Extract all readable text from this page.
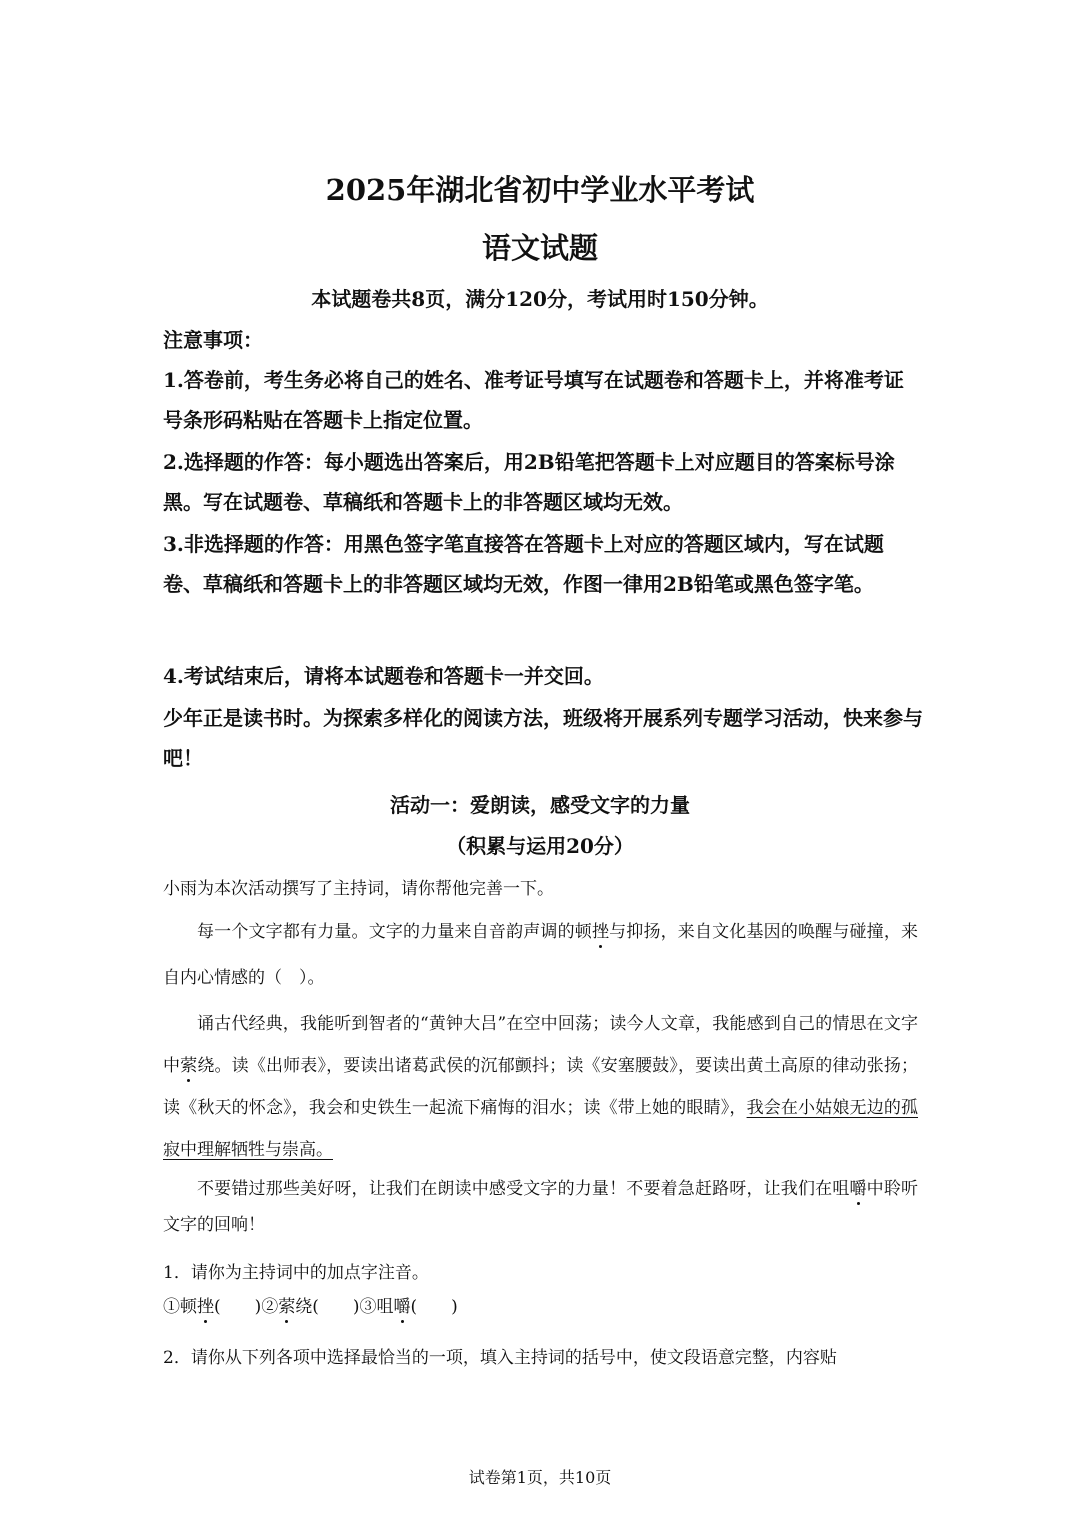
2025年湖北省初中学业水平考试
语文试题
本试题卷共8页，满分120分，考试用时150分钟。
注意事项：
1.答卷前，考生务必将自己的姓名、准考证号填写在试题卷和答题卡上，并将准考证号条形码粘贴在答题卡上指定位置。
2.选择题的作答：每小题选出答案后，用2B铅笔把答题卡上对应题目的答案标号涂黑。写在试题卷、草稿纸和答题卡上的非答题区域均无效。
3.非选择题的作答：用黑色签字笔直接答在答题卡上对应的答题区域内，写在试题卷、草稿纸和答题卡上的非答题区域均无效，作图一律用2B铅笔或黑色签字笔。
4.考试结束后，请将本试题卷和答题卡一并交回。
少年正是读书时。为探索多样化的阅读方法，班级将开展系列专题学习活动，快来参与吧！
活动一：爱朗读，感受文字的力量
（积累与运用20分）
小雨为本次活动撰写了主持词，请你帮他完善一下。
每一个文字都有力量。文字的力量来自音韵声调的顿挫与抑扬，来自文化基因的唤醒与碰撞，来自内心情感的（　）。
诵古代经典，我能听到智者的“黄钟大吕”在空中回荡；读今人文章，我能感到自己的情思在文字中萦绕。读《出师表》，要读出诸葛武侯的沉郁颤抖；读《安塞腰鼓》，要读出黄土高原的律动张扬；读《秋天的怀念》，我会和史铁生一起流下痛悔的泪水；读《带上她的眼睛》，我会在小姑娘无边的孤寂中理解牺牲与崇高。
不要错过那些美好呀，让我们在朗读中感受文字的力量！不要着急赶路呀，让我们在咀嚼中聆听文字的回响！
1．请你为主持词中的加点字注音。
①顿挫(　　)②萦绕(　　)③咀嚼(　　)
2．请你从下列各项中选择最恰当的一项，填入主持词的括号中，使文段语意完整，内容贴
试卷第1页，共10页
